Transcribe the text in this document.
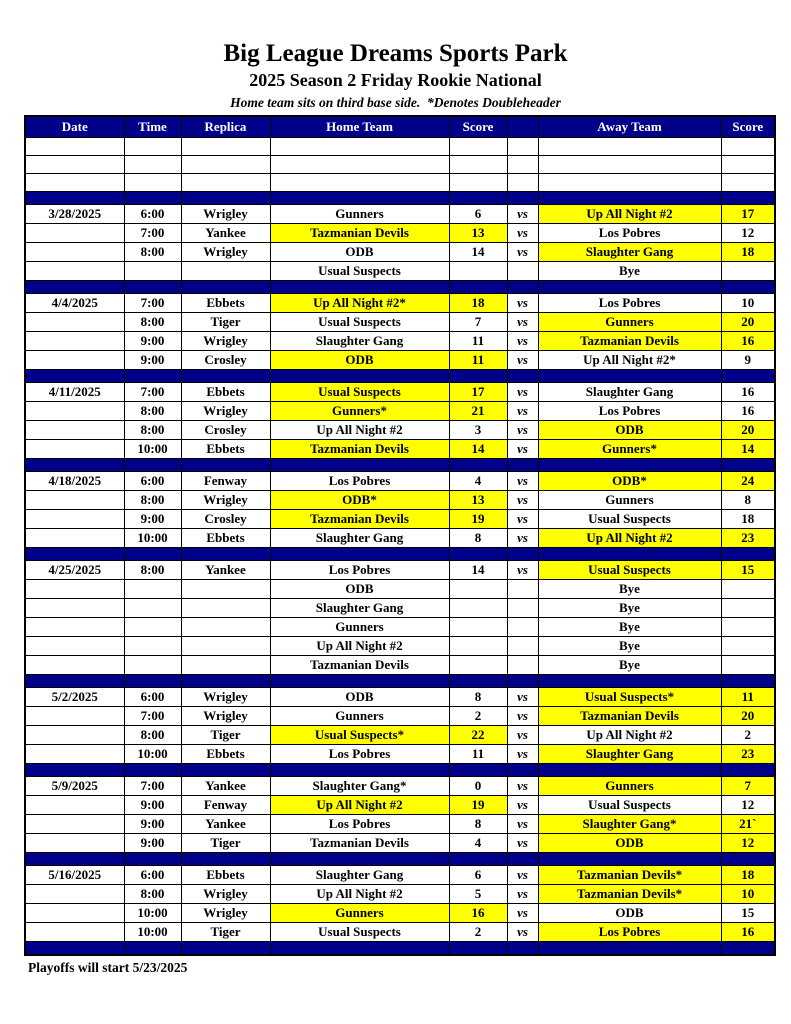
Big League Dreams Sports Park
2025 Season 2 Friday Rookie National
Home team sits on third base side.  *Denotes Doubleheader
Date	Time	Replica	Home Team	Score		Away Team	Score

3/28/2025	6:00	Wrigley	Gunners	6	vs	Up All Night #2	17
	7:00	Yankee	Tazmanian Devils	13	vs	Los Pobres	12
	8:00	Wrigley	ODB	14	vs	Slaughter Gang	18
			Usual Suspects			Bye	

4/4/2025	7:00	Ebbets	Up All Night #2*	18	vs	Los Pobres	10
	8:00	Tiger	Usual Suspects	7	vs	Gunners	20
	9:00	Wrigley	Slaughter Gang	11	vs	Tazmanian Devils	16
	9:00	Crosley	ODB	11	vs	Up All Night #2*	9

4/11/2025	7:00	Ebbets	Usual Suspects	17	vs	Slaughter Gang	16
	8:00	Wrigley	Gunners*	21	vs	Los Pobres	16
	8:00	Crosley	Up All Night #2	3	vs	ODB	20
	10:00	Ebbets	Tazmanian Devils	14	vs	Gunners*	14

4/18/2025	6:00	Fenway	Los Pobres	4	vs	ODB*	24
	8:00	Wrigley	ODB*	13	vs	Gunners	8
	9:00	Crosley	Tazmanian Devils	19	vs	Usual Suspects	18
	10:00	Ebbets	Slaughter Gang	8	vs	Up All Night #2	23

4/25/2025	8:00	Yankee	Los Pobres	14	vs	Usual Suspects	15
			ODB			Bye	
			Slaughter Gang			Bye	
			Gunners			Bye	
			Up All Night #2			Bye	
			Tazmanian Devils			Bye	

5/2/2025	6:00	Wrigley	ODB	8	vs	Usual Suspects*	11
	7:00	Wrigley	Gunners	2	vs	Tazmanian Devils	20
	8:00	Tiger	Usual Suspects*	22	vs	Up All Night #2	2
	10:00	Ebbets	Los Pobres	11	vs	Slaughter Gang	23

5/9/2025	7:00	Yankee	Slaughter Gang*	0	vs	Gunners	7
	9:00	Fenway	Up All Night #2	19	vs	Usual Suspects	12
	9:00	Yankee	Los Pobres	8	vs	Slaughter Gang*	21`
	9:00	Tiger	Tazmanian Devils	4	vs	ODB	12

5/16/2025	6:00	Ebbets	Slaughter Gang	6	vs	Tazmanian Devils*	18
	8:00	Wrigley	Up All Night #2	5	vs	Tazmanian Devils*	10
	10:00	Wrigley	Gunners	16	vs	ODB	15
	10:00	Tiger	Usual Suspects	2	vs	Los Pobres	16

Playoffs will start 5/23/2025
